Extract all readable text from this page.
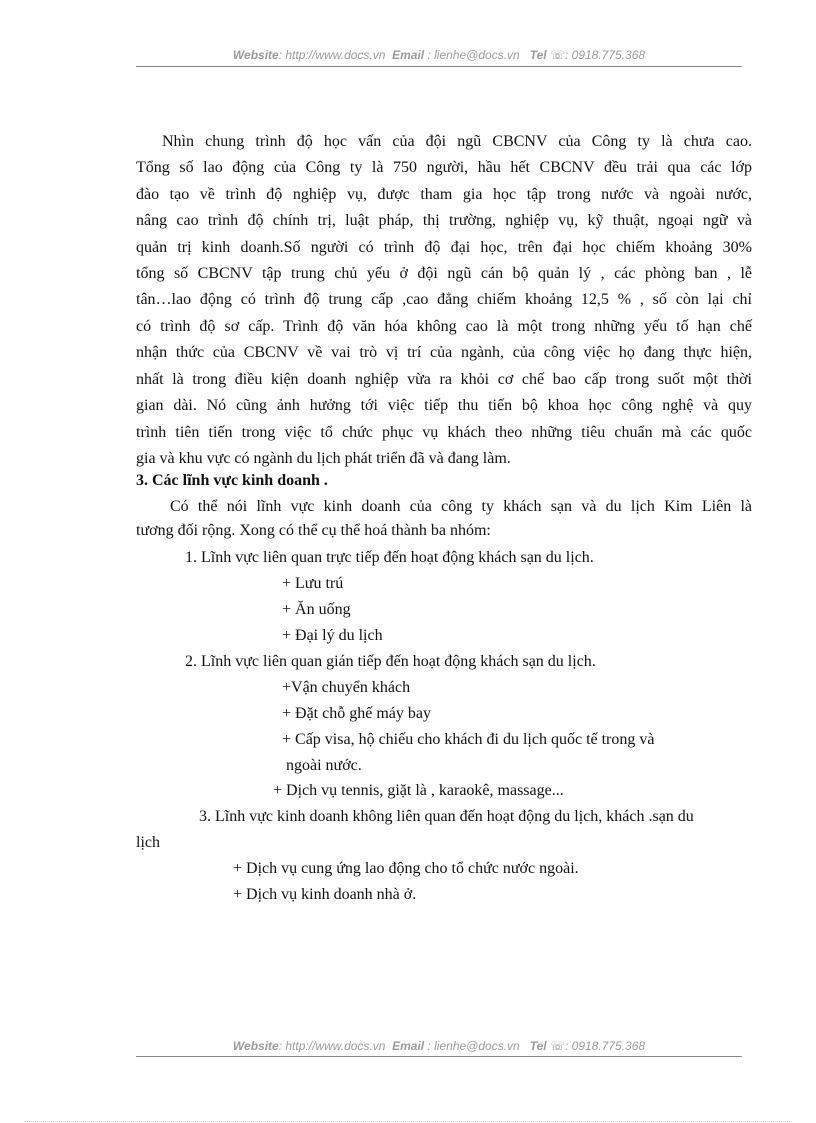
Website: http://www.docs.vn Email : lienhe@docs.vn Tel ☏: 0918.775.368
Nhìn chung trình độ học vấn của đội ngũ CBCNV của Công ty là chưa cao.
Tổng số lao động của Công ty là 750 người, hầu hết CBCNV đều trải qua các lớp
đào tạo về trình độ nghiệp vụ, được tham gia học tập trong nước và ngoài nước,
nâng cao trình độ chính trị, luật pháp, thị trường, nghiệp vụ, kỹ thuật, ngoại ngữ và
quản trị kinh doanh.Số người có trình độ đại học, trên đại học chiếm khoảng 30%
tổng số CBCNV tập trung chủ yếu ở đội ngũ cán bộ quản lý , các phòng ban , lễ
tân…lao động có trình độ trung cấp ,cao đẳng chiếm khoảng 12,5 % , số còn lại chỉ
có trình độ sơ cấp. Trình độ văn hóa không cao là một trong những yếu tố hạn chế
nhận thức của CBCNV về vai trò vị trí của ngành, của công việc họ đang thực hiện,
nhất là trong điều kiện doanh nghiệp vừa ra khỏi cơ chế bao cấp trong suốt một thời
gian dài. Nó cũng ảnh hưởng tới việc tiếp thu tiến bộ khoa học công nghệ và quy
trình tiên tiến trong việc tổ chức phục vụ khách theo những tiêu chuẩn mà các quốc
gia và khu vực có ngành du lịch phát triển đã và đang làm.
3. Các lĩnh vực kinh doanh .
Có thể nói lĩnh vực kinh doanh của công ty khách sạn và du lịch Kim Liên là
tương đối rộng. Xong có thể cụ thể hoá thành ba nhóm:
1. Lĩnh vực liên quan trực tiếp đến hoạt động khách sạn du lịch.
+ Lưu trú
+ Ăn uống
+ Đại lý du lịch
2. Lĩnh vực liên quan gián tiếp đến hoạt động khách sạn du lịch.
+Vận chuyển khách
+ Đặt chỗ ghế máy bay
+ Cấp visa, hộ chiếu cho khách đi du lịch quốc tế trong và
ngoài nước.
+ Dịch vụ tennis, giặt là , karaokê, massage...
3. Lĩnh vực kinh doanh không liên quan đến hoạt động du lịch, khách .sạn du
lịch
+ Dịch vụ cung ứng lao động cho tổ chức nước ngoài.
+ Dịch vụ kinh doanh nhà ở.
Website: http://www.docs.vn Email : lienhe@docs.vn Tel ☏: 0918.775.368
